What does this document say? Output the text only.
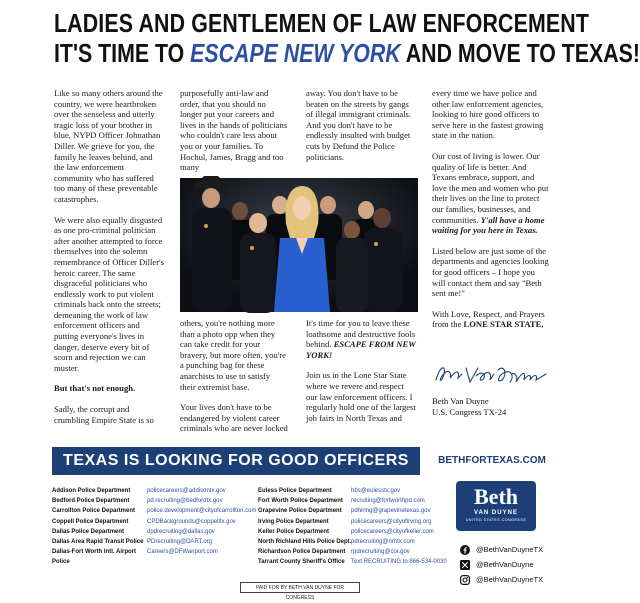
LADIES AND GENTLEMEN OF LAW ENFORCEMENT
IT'S TIME TO ESCAPE NEW YORK AND MOVE TO TEXAS!

Like so many others around the country, we were heartbroken over the senseless and utterly tragic loss of your brother in blue, NYPD Officer Johnathan Diller. We grieve for you, the family he leaves behind, and the law enforcement community who has suffered too many of these preventable catastrophes.

We were also equally disgusted as one pro-criminal politician after another attempted to force themselves into the solemn remembrance of Officer Diller's heroic career. The same disgraceful politicians who endlessly work to put violent criminals back onto the streets; demeaning the work of law enforcement officers and putting everyone's lives in danger, deserve every bit of scorn and rejection we can muster.

But that's not enough.

Sadly, the corrupt and crumbling Empire State is so

purposefully anti-law and order, that you should no longer put your careers and lives in the hands of politicians who couldn't care less about you or your families. To Hochul, James, Bragg and too many

away. You don't have to be beaten on the streets by gangs of illegal immigrant criminals. And you don't have to be endlessly insulted with budget cuts by Defund the Police politicians.

others, you're nothing more than a photo opp when they can take credit for your bravery, but more often, you're a punching bag for these anarchists to use to satisfy their extremist base.

Your lives don't have to be endangered by violent career criminals who are never locked

It's time for you to leave these loathsome and destructive fools behind. ESCAPE FROM NEW YORK!

Join us in the Lone Star State where we revere and respect our law enforcement officers. I regularly hold one of the largest job fairs in North Texas and

every time we have police and other law enforcement agencies, looking to hire good officers to serve here in the fastest growing state in the nation.

Our cost of living is lower. Our quality of life is better. And Texans embrace, support, and love the men and women who put their lives on the line to protect our families, businesses, and communities. Y'all have a home waiting for you here in Texas.

Listed below are just some of the departments and agencies looking for good officers – I hope you will contact them and say "Beth sent me!"

With Love, Respect, and Prayers from the LONE STAR STATE,

Beth Van Duyne
U.S. Congress TX-24
TEXAS IS LOOKING FOR GOOD OFFICERS	BETHFORTEXAS.COM
Addison Police Department
Bedford Police Department
Carrollton Police Department
Coppell Police Department
Dallas Police Department
Dallas Area Rapid Transit Police
Dallas-Fort Worth Intl. Airport Police
policecareers@addisontx.gov
pd.recruiting@bedfordtx.gov
police.development@cityofcarrollton.com
CPDBackgrounds@coppelltx.gov
dpdrecruiting@dallas.gov
PDrecruiting@DART.org
Careers@DFWairport.com
Euless Police Department
Fort Worth Police Department
Grapevine Police Department
Irving Police Department
Keller Police Department
North Richland Hills Police Dept.
Richardson Police Department
Tarrant County Sheriff's Office
hbs@eulesstx.gov
recruiting@fortworthpd.com
pdhiring@grapevinetexas.gov
policecareers@cityofirving.org
policecareers@cityofkeller.com
pdrecruiting@nrhtx.com
rpdrecruiting@cor.gov
Text RECRUITING to 866-534-0030
Beth
VAN DUYNE
UNITED STATES CONGRESS
@BethVanDuyneTX
@BethVanDuyne
@BethVanDuyneTX
PAID FOR BY BETH VAN DUYNE FOR CONGRESS
